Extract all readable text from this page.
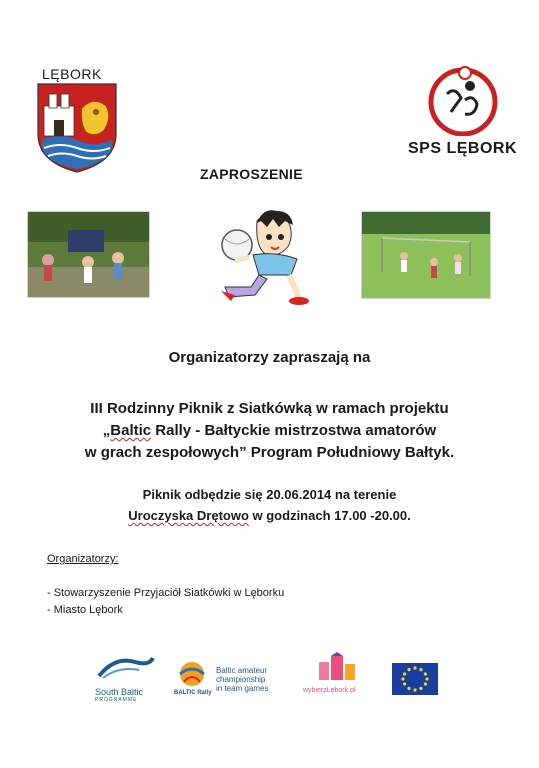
LĘBORK
SPS LĘBORK
ZAPROSZENIE
Organizatorzy zapraszają na
III Rodzinny Piknik z Siatkówką w ramach projektu
„Baltic Rally - Bałtyckie mistrzostwa amatorów
w grach zespołowych” Program Południowy Bałtyk.
Piknik odbędzie się 20.06.2014 na terenie
Uroczyska Drętowo w godzinach 17.00 -20.00.
Organizatorzy:
- Stowarzyszenie Przyjaciół Siatkówki w Lęborku
- Miasto Lębork
South Baltic
PROGRAMME
BALTIC Rally
Baltic amateur
championship
in team games	wybierzLębork.pl
